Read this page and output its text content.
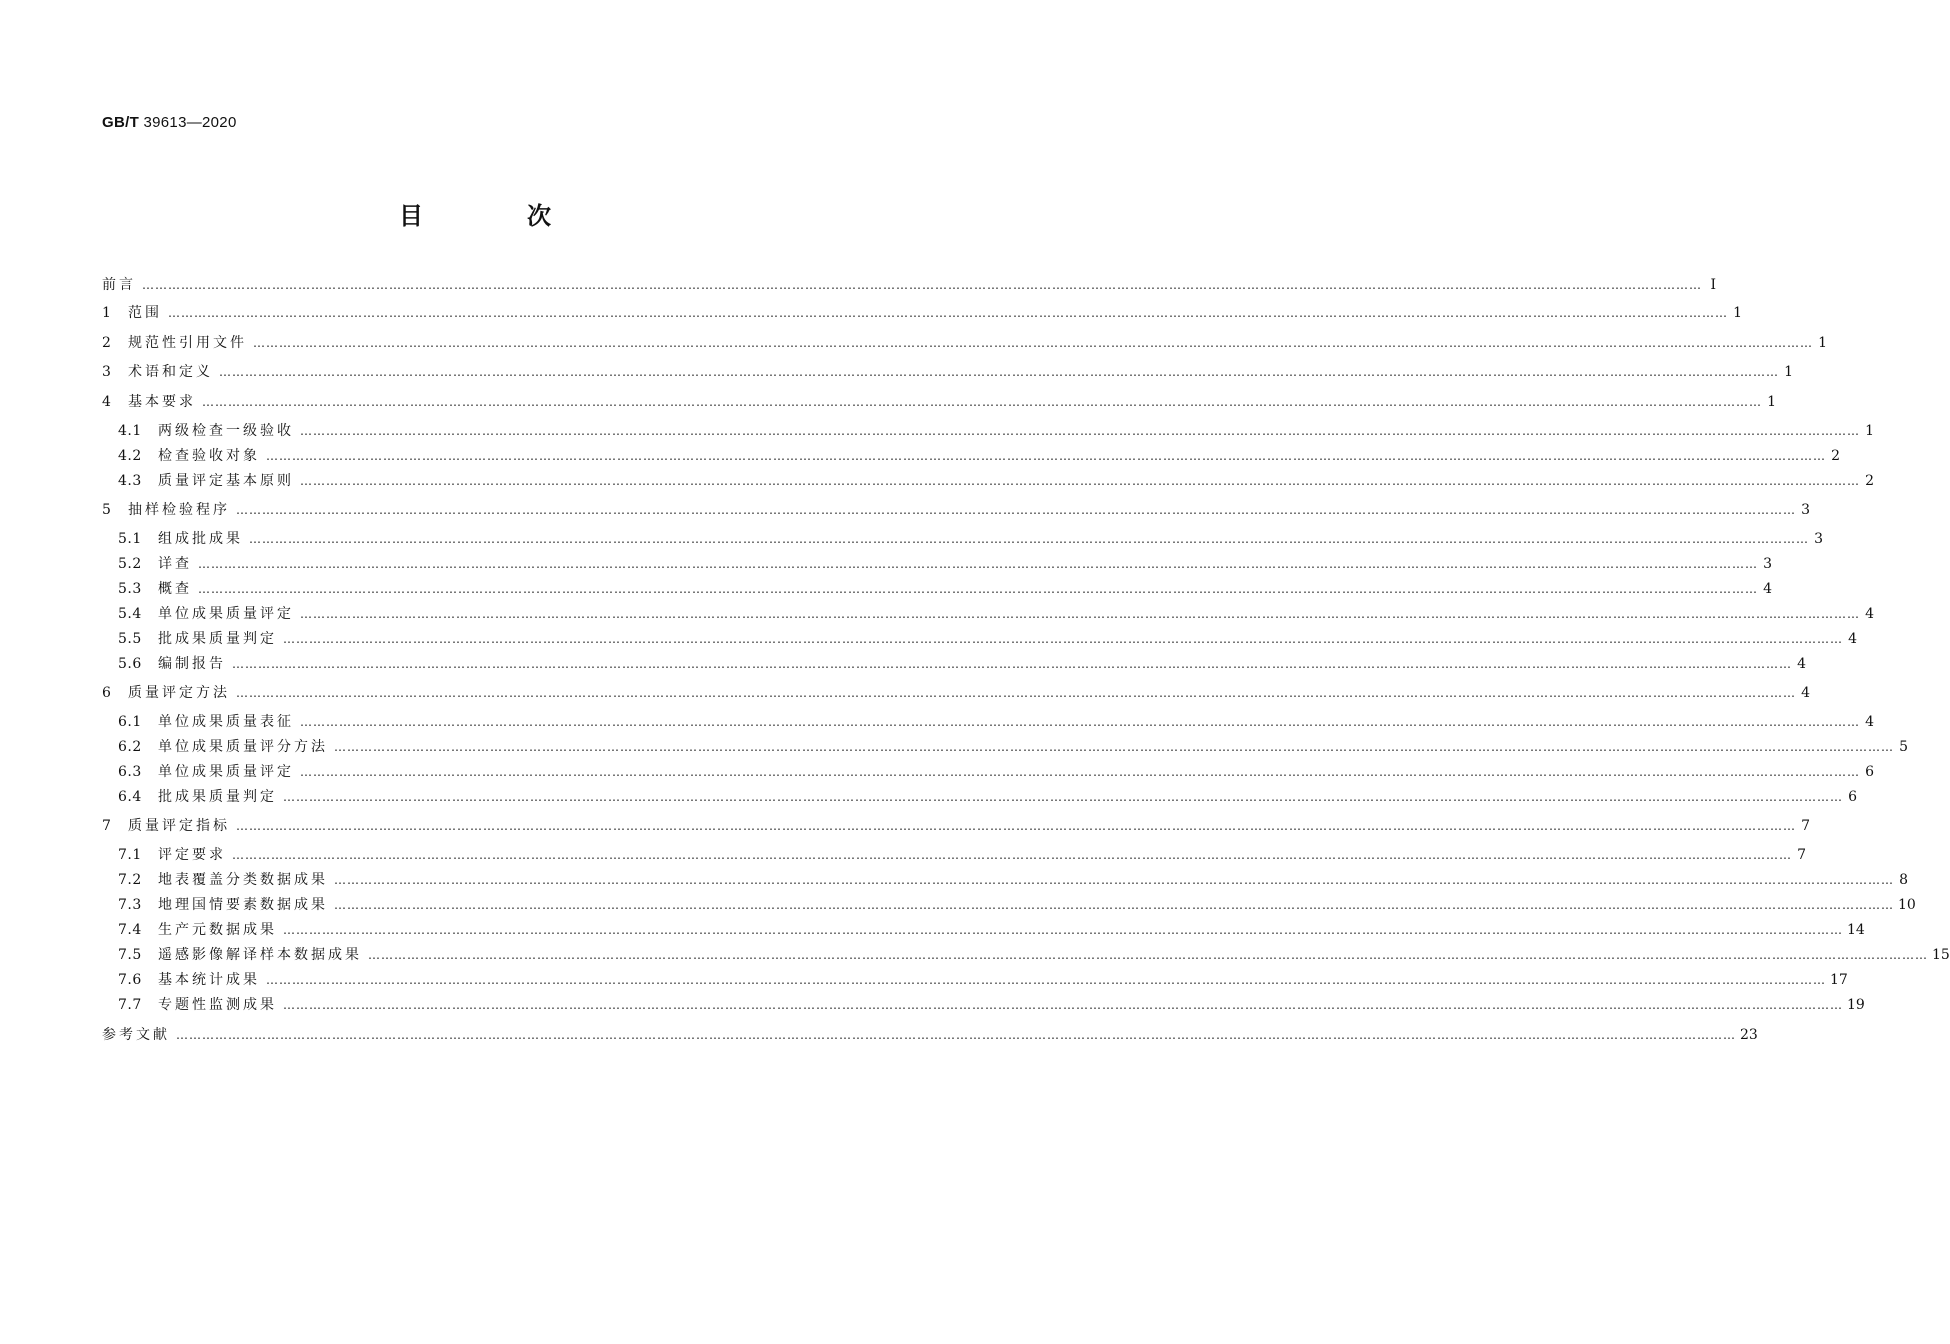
GB/T 39613—2020
目　次
前言 ……………………………………………………………………………………………………………………………………………………………………………………………………………………………………………………………………………………………………………………………… Ⅰ
1	范围 ……………………………………………………………………………………………………………………………………………………………………………………………………………………………………………………………………………………………………………………………… 1
2	规范性引用文件 ……………………………………………………………………………………………………………………………………………………………………………………………………………………………………………………………………………………………………………………………… 1
3	术语和定义 ……………………………………………………………………………………………………………………………………………………………………………………………………………………………………………………………………………………………………………………………… 1
4	基本要求 ……………………………………………………………………………………………………………………………………………………………………………………………………………………………………………………………………………………………………………………………… 1
4.1	两级检查一级验收 ……………………………………………………………………………………………………………………………………………………………………………………………………………………………………………………………………………………………………………………………… 1
4.2	检查验收对象 ……………………………………………………………………………………………………………………………………………………………………………………………………………………………………………………………………………………………………………………………… 2
4.3	质量评定基本原则 ……………………………………………………………………………………………………………………………………………………………………………………………………………………………………………………………………………………………………………………………… 2
5	抽样检验程序 ……………………………………………………………………………………………………………………………………………………………………………………………………………………………………………………………………………………………………………………………… 3
5.1	组成批成果 ……………………………………………………………………………………………………………………………………………………………………………………………………………………………………………………………………………………………………………………………… 3
5.2	详查 ……………………………………………………………………………………………………………………………………………………………………………………………………………………………………………………………………………………………………………………………… 3
5.3	概查 ……………………………………………………………………………………………………………………………………………………………………………………………………………………………………………………………………………………………………………………………… 4
5.4	单位成果质量评定 ……………………………………………………………………………………………………………………………………………………………………………………………………………………………………………………………………………………………………………………………… 4
5.5	批成果质量判定 ……………………………………………………………………………………………………………………………………………………………………………………………………………………………………………………………………………………………………………………………… 4
5.6	编制报告 ……………………………………………………………………………………………………………………………………………………………………………………………………………………………………………………………………………………………………………………………… 4
6	质量评定方法 ……………………………………………………………………………………………………………………………………………………………………………………………………………………………………………………………………………………………………………………………… 4
6.1	单位成果质量表征 ……………………………………………………………………………………………………………………………………………………………………………………………………………………………………………………………………………………………………………………………… 4
6.2	单位成果质量评分方法 ……………………………………………………………………………………………………………………………………………………………………………………………………………………………………………………………………………………………………………………………… 5
6.3	单位成果质量评定 ……………………………………………………………………………………………………………………………………………………………………………………………………………………………………………………………………………………………………………………………… 6
6.4	批成果质量判定 ……………………………………………………………………………………………………………………………………………………………………………………………………………………………………………………………………………………………………………………………… 6
7	质量评定指标 ……………………………………………………………………………………………………………………………………………………………………………………………………………………………………………………………………………………………………………………………… 7
7.1	评定要求 ……………………………………………………………………………………………………………………………………………………………………………………………………………………………………………………………………………………………………………………………… 7
7.2	地表覆盖分类数据成果 ……………………………………………………………………………………………………………………………………………………………………………………………………………………………………………………………………………………………………………………………… 8
7.3	地理国情要素数据成果 ……………………………………………………………………………………………………………………………………………………………………………………………………………………………………………………………………………………………………………………………… 10
7.4	生产元数据成果 ……………………………………………………………………………………………………………………………………………………………………………………………………………………………………………………………………………………………………………………………… 14
7.5	遥感影像解译样本数据成果 ……………………………………………………………………………………………………………………………………………………………………………………………………………………………………………………………………………………………………………………………… 15
7.6	基本统计成果 ……………………………………………………………………………………………………………………………………………………………………………………………………………………………………………………………………………………………………………………………… 17
7.7	专题性监测成果 ……………………………………………………………………………………………………………………………………………………………………………………………………………………………………………………………………………………………………………………………… 19
参考文献 ……………………………………………………………………………………………………………………………………………………………………………………………………………………………………………………………………………………………………………………………… 23
